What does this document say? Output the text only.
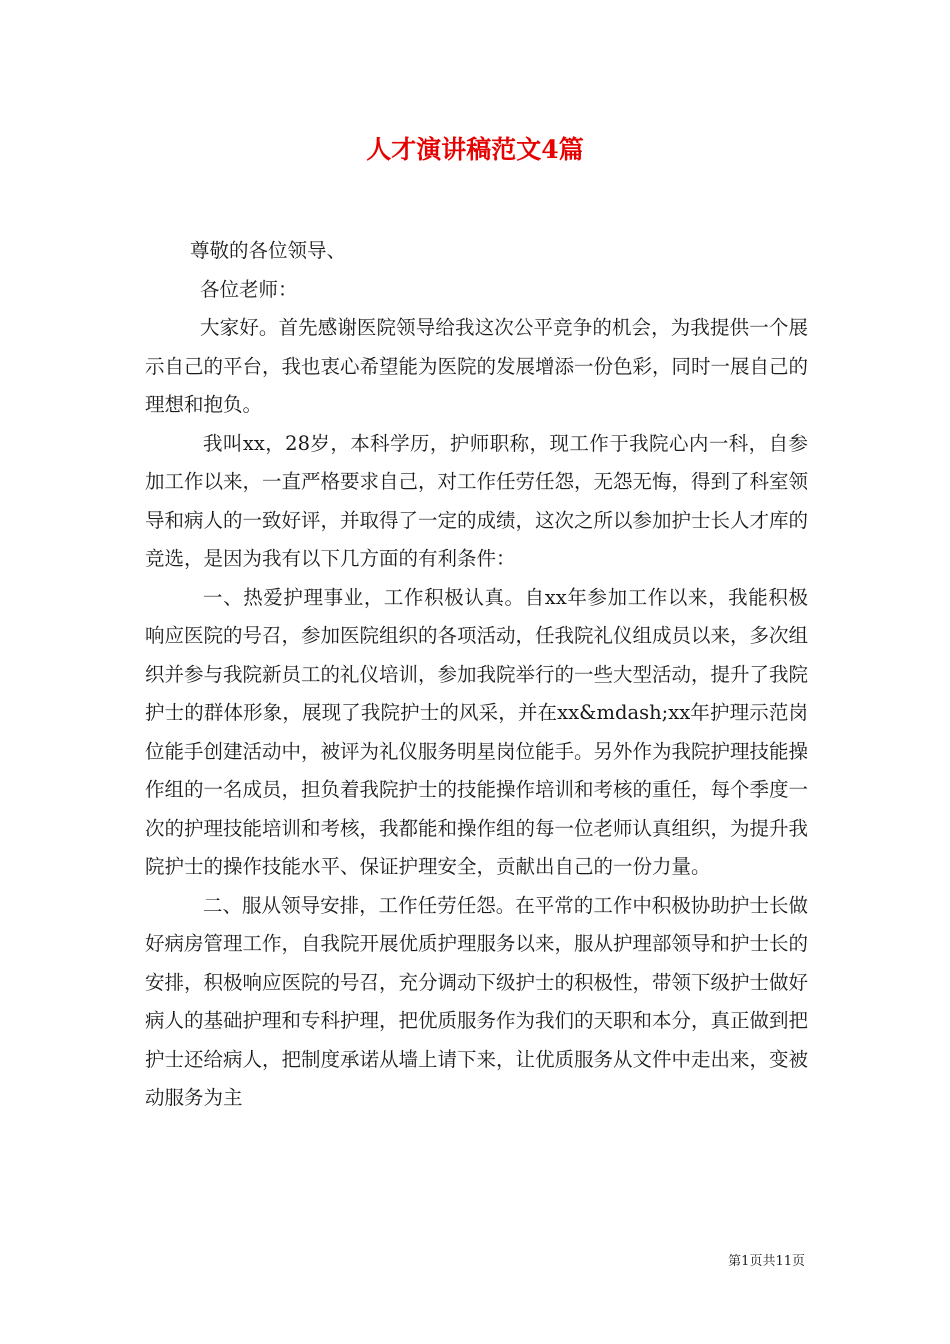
人才演讲稿范文4篇

尊敬的各位领导、

各位老师：

大家好。首先感谢医院领导给我这次公平竞争的机会，为我提供一个展示自己的平台，我也衷心希望能为医院的发展增添一份色彩，同时一展自己的理想和抱负。

我叫xx，28岁，本科学历，护师职称，现工作于我院心内一科，自参加工作以来，一直严格要求自己，对工作任劳任怨，无怨无悔，得到了科室领导和病人的一致好评，并取得了一定的成绩，这次之所以参加护士长人才库的竞选，是因为我有以下几方面的有利条件：

一、热爱护理事业，工作积极认真。自xx年参加工作以来，我能积极响应医院的号召，参加医院组织的各项活动，任我院礼仪组成员以来，多次组织并参与我院新员工的礼仪培训，参加我院举行的一些大型活动，提升了我院护士的群体形象，展现了我院护士的风采，并在xx&mdash;xx年护理示范岗位能手创建活动中，被评为礼仪服务明星岗位能手。另外作为我院护理技能操作组的一名成员，担负着我院护士的技能操作培训和考核的重任，每个季度一次的护理技能培训和考核，我都能和操作组的每一位老师认真组织，为提升我院护士的操作技能水平、保证护理安全，贡献出自己的一份力量。

二、服从领导安排，工作任劳任怨。在平常的工作中积极协助护士长做好病房管理工作，自我院开展优质护理服务以来，服从护理部领导和护士长的安排，积极响应医院的号召，充分调动下级护士的积极性，带领下级护士做好病人的基础护理和专科护理，把优质服务作为我们的天职和本分，真正做到把护士还给病人，把制度承诺从墙上请下来，让优质服务从文件中走出来，变被动服务为主

第1页共11页
